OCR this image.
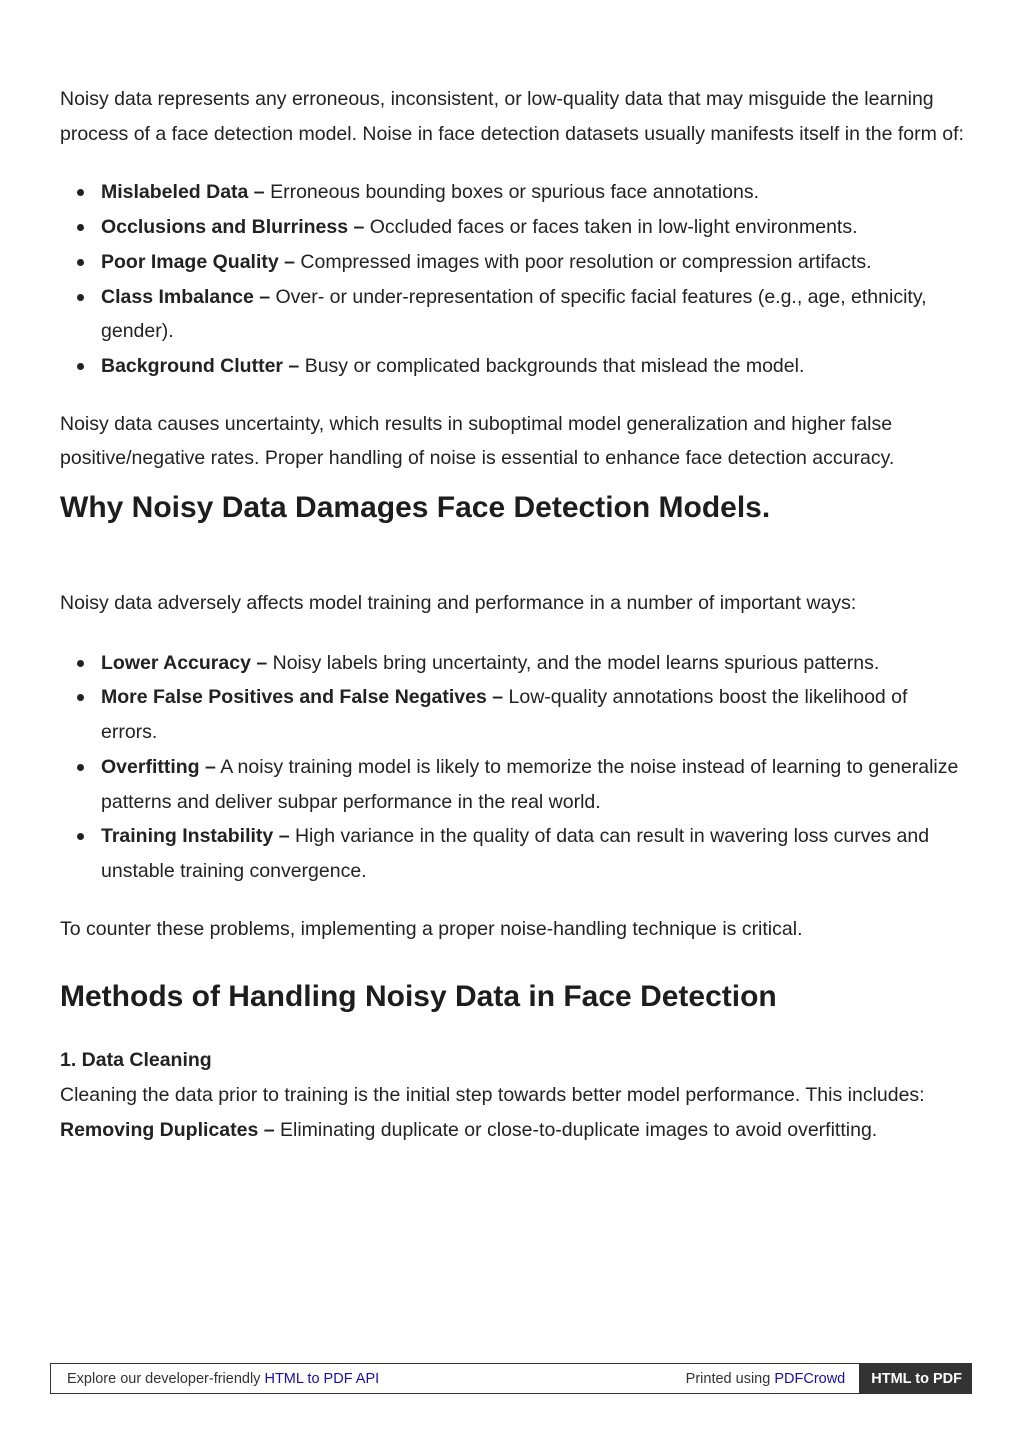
Noisy data represents any erroneous, inconsistent, or low-quality data that may misguide the learning process of a face detection model. Noise in face detection datasets usually manifests itself in the form of:

Mislabeled Data – Erroneous bounding boxes or spurious face annotations.
Occlusions and Blurriness – Occluded faces or faces taken in low-light environments.
Poor Image Quality – Compressed images with poor resolution or compression artifacts.
Class Imbalance – Over- or under-representation of specific facial features (e.g., age, ethnicity, gender).
Background Clutter – Busy or complicated backgrounds that mislead the model.

Noisy data causes uncertainty, which results in suboptimal model generalization and higher false positive/negative rates. Proper handling of noise is essential to enhance face detection accuracy.

Why Noisy Data Damages Face Detection Models.

Noisy data adversely affects model training and performance in a number of important ways:

Lower Accuracy – Noisy labels bring uncertainty, and the model learns spurious patterns.
More False Positives and False Negatives – Low-quality annotations boost the likelihood of errors.
Overfitting – A noisy training model is likely to memorize the noise instead of learning to generalize patterns and deliver subpar performance in the real world.
Training Instability – High variance in the quality of data can result in wavering loss curves and unstable training convergence.

To counter these problems, implementing a proper noise-handling technique is critical.

Methods of Handling Noisy Data in Face Detection

1. Data Cleaning

Cleaning the data prior to training is the initial step towards better model performance. This includes:

Removing Duplicates – Eliminating duplicate or close-to-duplicate images to avoid overfitting.

Explore our developer-friendly HTML to PDF API	Printed using PDFCrowd	HTML to PDF
